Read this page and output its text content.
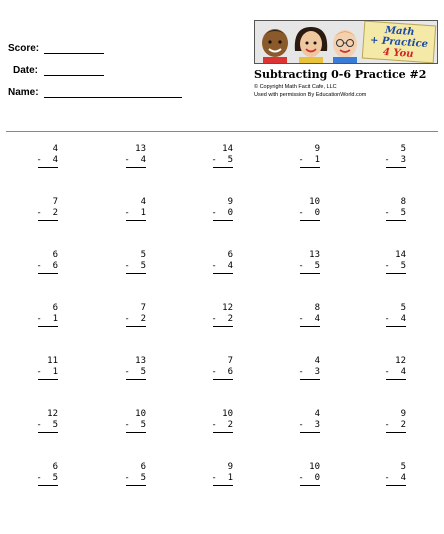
Score:
Date:
Name:
Math
+ Practice
4 You
Subtracting 0-6 Practice #2
© Copyright Math Facit Cafe, LLC
Used with permission By EducationWorld.com
4
-  4
13
-  4
14
-  5
9
-  1
5
-  3
7
-  2
4
-  1
9
-  0
10
-  0
8
-  5
6
-  6
5
-  5
6
-  4
13
-  5
14
-  5
6
-  1
7
-  2
12
-  2
8
-  4
5
-  4
11
-  1
13
-  5
7
-  6
4
-  3
12
-  4
12
-  5
10
-  5
10
-  2
4
-  3
9
-  2
6
-  5
6
-  5
9
-  1
10
-  0
5
-  4
